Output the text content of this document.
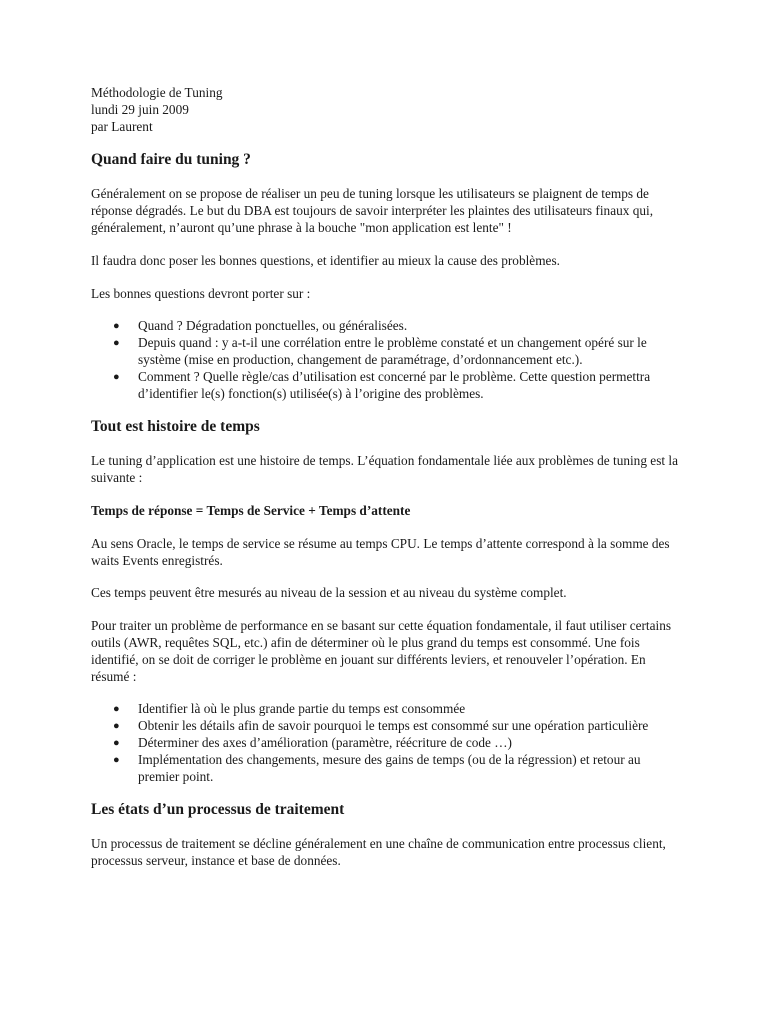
Méthodologie de Tuning

lundi 29 juin 2009

par Laurent

Quand faire du tuning ?

Généralement on se propose de réaliser un peu de tuning lorsque les utilisateurs se plaignent de temps de réponse dégradés. Le but du DBA est toujours de savoir interpréter les plaintes des utilisateurs finaux qui, généralement, n’auront qu’une phrase à la bouche "mon application est lente" !

Il faudra donc poser les bonnes questions, et identifier au mieux la cause des problèmes.

Les bonnes questions devront porter sur :

● Quand ? Dégradation ponctuelles, ou généralisées.
● Depuis quand : y a-t-il une corrélation entre le problème constaté et un changement opéré sur le système (mise en production, changement de paramétrage, d’ordonnancement etc.).
● Comment ? Quelle règle/cas d’utilisation est concerné par le problème. Cette question permettra d’identifier le(s) fonction(s) utilisée(s) à l’origine des problèmes.
Tout est histoire de temps

Le tuning d’application est une histoire de temps. L’équation fondamentale liée aux problèmes de tuning est la suivante :

Temps de réponse = Temps de Service + Temps d’attente

Au sens Oracle, le temps de service se résume au temps CPU. Le temps d’attente correspond à la somme des waits Events enregistrés.

Ces temps peuvent être mesurés au niveau de la session et au niveau du système complet.

Pour traiter un problème de performance en se basant sur cette équation fondamentale, il faut utiliser certains outils (AWR, requêtes SQL, etc.) afin de déterminer où le plus grand du temps est consommé. Une fois identifié, on se doit de corriger le problème en jouant sur différents leviers, et renouveler l’opération. En résumé :

● Identifier là où le plus grande partie du temps est consommée
● Obtenir les détails afin de savoir pourquoi le temps est consommé sur une opération particulière
● Déterminer des axes d’amélioration (paramètre, réécriture de code …)
● Implémentation des changements, mesure des gains de temps (ou de la régression) et retour au premier point.
Les états d’un processus de traitement

Un processus de traitement se décline généralement en une chaîne de communication entre processus client, processus serveur, instance et base de données.
